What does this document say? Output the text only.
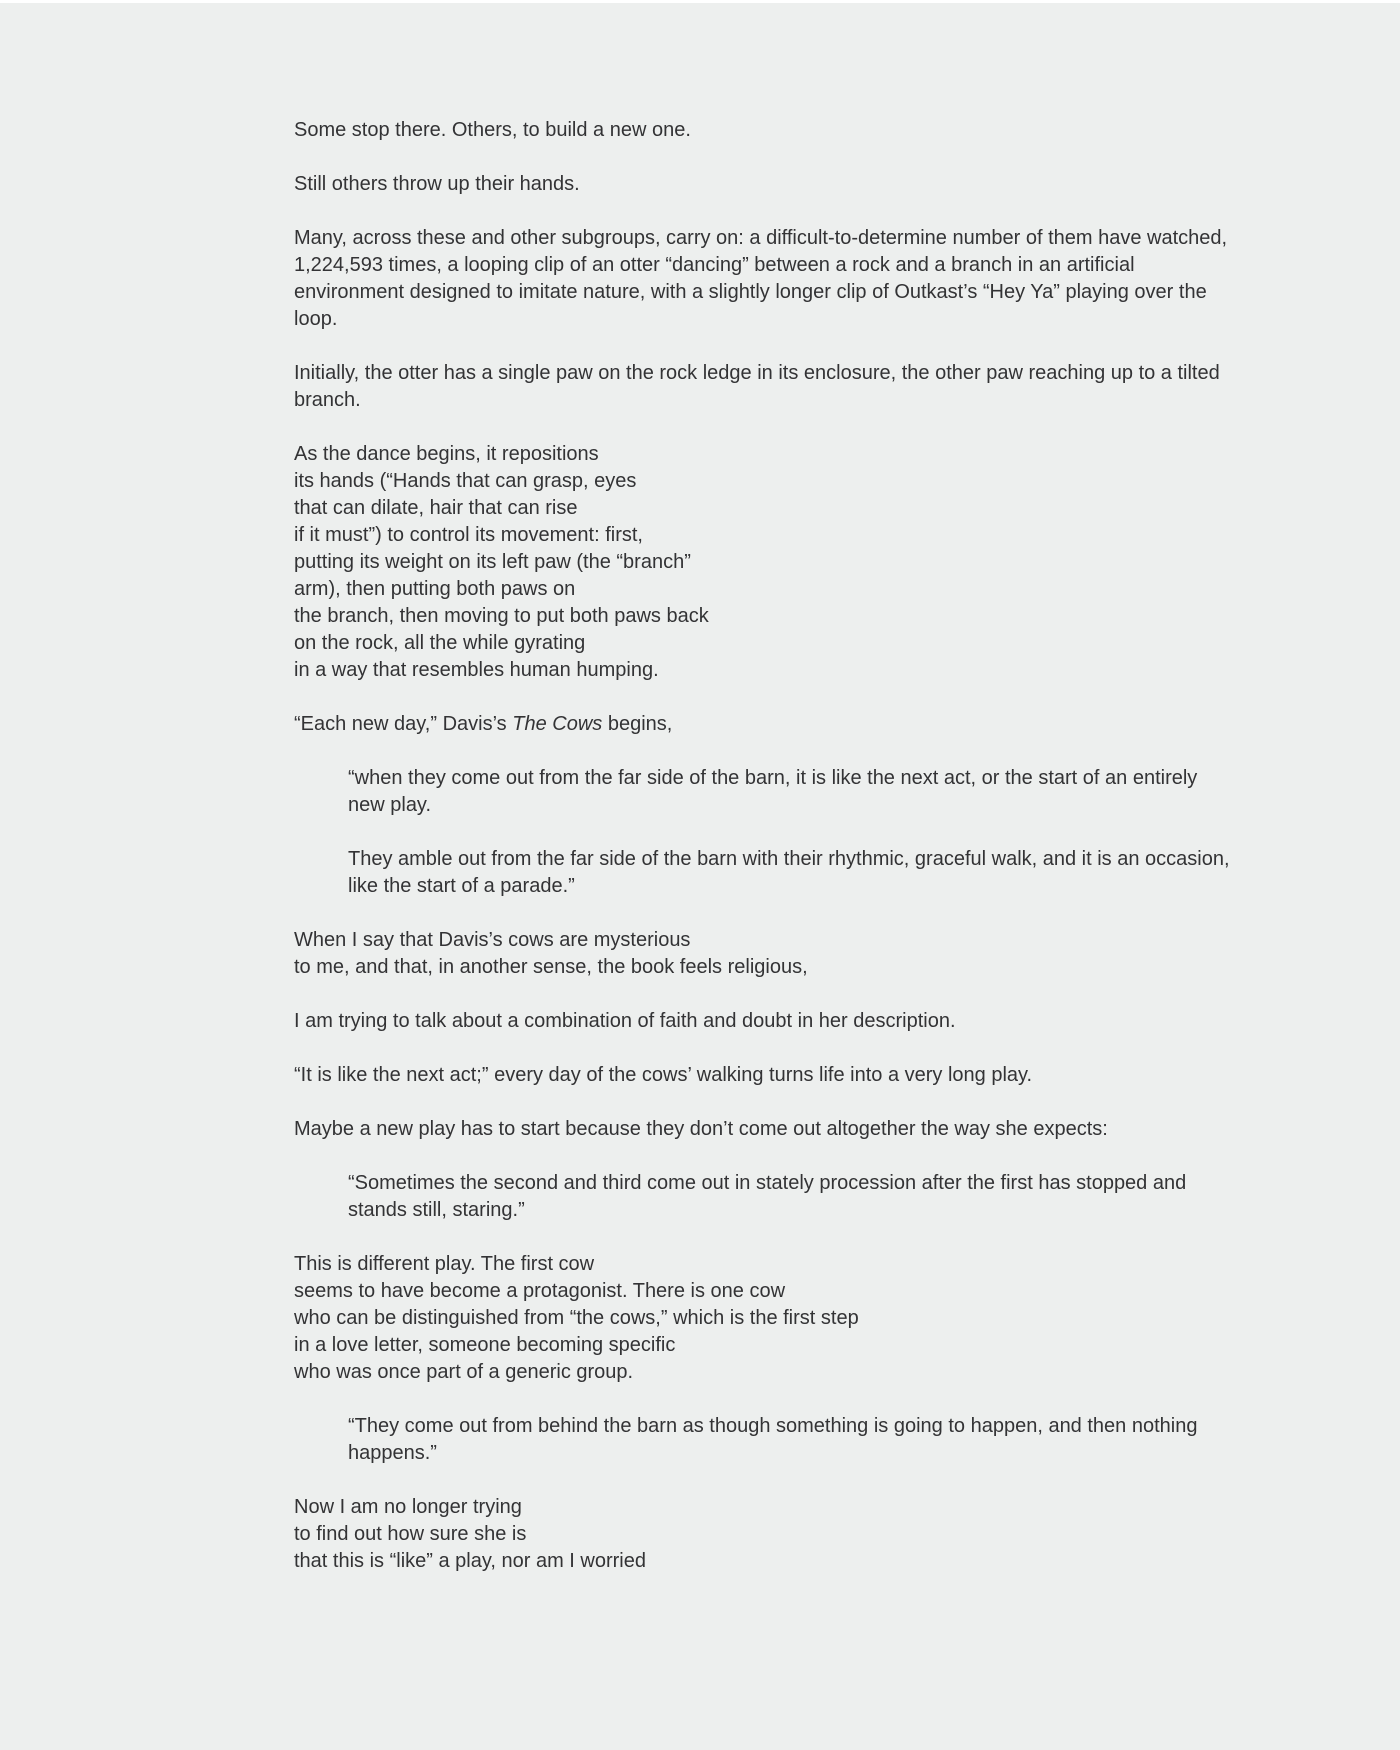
Some stop there. Others, to build a new one.

Still others throw up their hands.

Many, across these and other subgroups, carry on: a difficult-to-determine number of them have watched, 1,224,593 times, a looping clip of an otter “dancing” between a rock and a branch in an artificial environment designed to imitate nature, with a slightly longer clip of Outkast’s “Hey Ya” playing over the loop.

Initially, the otter has a single paw on the rock ledge in its enclosure, the other paw reaching up to a tilted branch.

As the dance begins, it repositions
its hands (“Hands that can grasp, eyes
that can dilate, hair that can rise
if it must”) to control its movement: first,
putting its weight on its left paw (the “branch”
arm), then putting both paws on
the branch, then moving to put both paws back
on the rock, all the while gyrating
in a way that resembles human humping.

“Each new day,” Davis’s The Cows begins,

“when they come out from the far side of the barn, it is like the next act, or the start of an entirely new play.

They amble out from the far side of the barn with their rhythmic, graceful walk, and it is an occasion, like the start of a parade.”

When I say that Davis’s cows are mysterious
to me, and that, in another sense, the book feels religious,

I am trying to talk about a combination of faith and doubt in her description.

“It is like the next act;” every day of the cows’ walking turns life into a very long play.

Maybe a new play has to start because they don’t come out altogether the way she expects:

“Sometimes the second and third come out in stately procession after the first has stopped and stands still, staring.”

This is different play. The first cow
seems to have become a protagonist. There is one cow
who can be distinguished from “the cows,” which is the first step
in a love letter, someone becoming specific
who was once part of a generic group.

“They come out from behind the barn as though something is going to happen, and then nothing happens.”

Now I am no longer trying
to find out how sure she is
that this is “like” a play, nor am I worried
